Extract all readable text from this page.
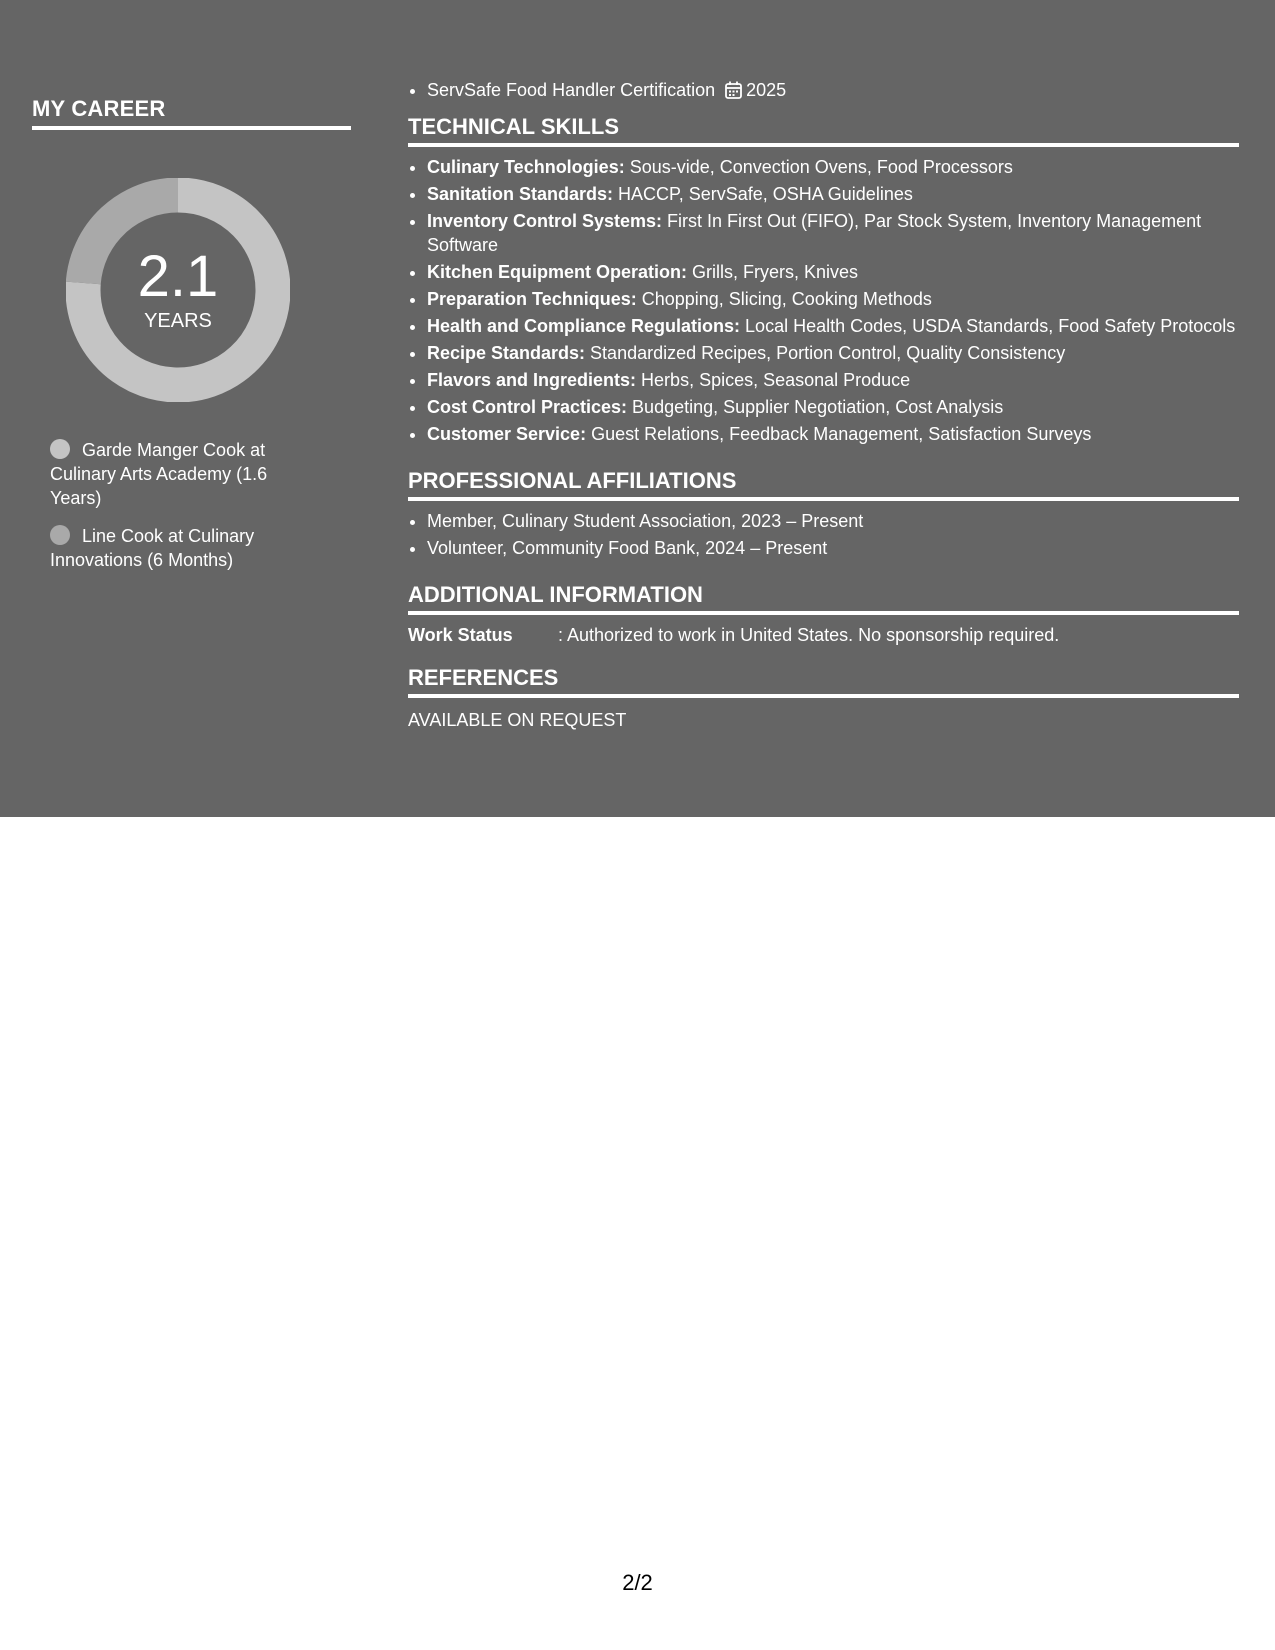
MY CAREER
2.1
YEARS
Garde Manger Cook at Culinary Arts Academy (1.6 Years)
Line Cook at Culinary Innovations (6 Months)
• ServSafe Food Handler Certification 2025
TECHNICAL SKILLS
• Culinary Technologies: Sous-vide, Convection Ovens, Food Processors
• Sanitation Standards: HACCP, ServSafe, OSHA Guidelines
• Inventory Control Systems: First In First Out (FIFO), Par Stock System, Inventory Management Software
• Kitchen Equipment Operation: Grills, Fryers, Knives
• Preparation Techniques: Chopping, Slicing, Cooking Methods
• Health and Compliance Regulations: Local Health Codes, USDA Standards, Food Safety Protocols
• Recipe Standards: Standardized Recipes, Portion Control, Quality Consistency
• Flavors and Ingredients: Herbs, Spices, Seasonal Produce
• Cost Control Practices: Budgeting, Supplier Negotiation, Cost Analysis
• Customer Service: Guest Relations, Feedback Management, Satisfaction Surveys
PROFESSIONAL AFFILIATIONS
• Member, Culinary Student Association, 2023 – Present
• Volunteer, Community Food Bank, 2024 – Present
ADDITIONAL INFORMATION
Work Status	: Authorized to work in United States. No sponsorship required.
REFERENCES
AVAILABLE ON REQUEST
2/2
